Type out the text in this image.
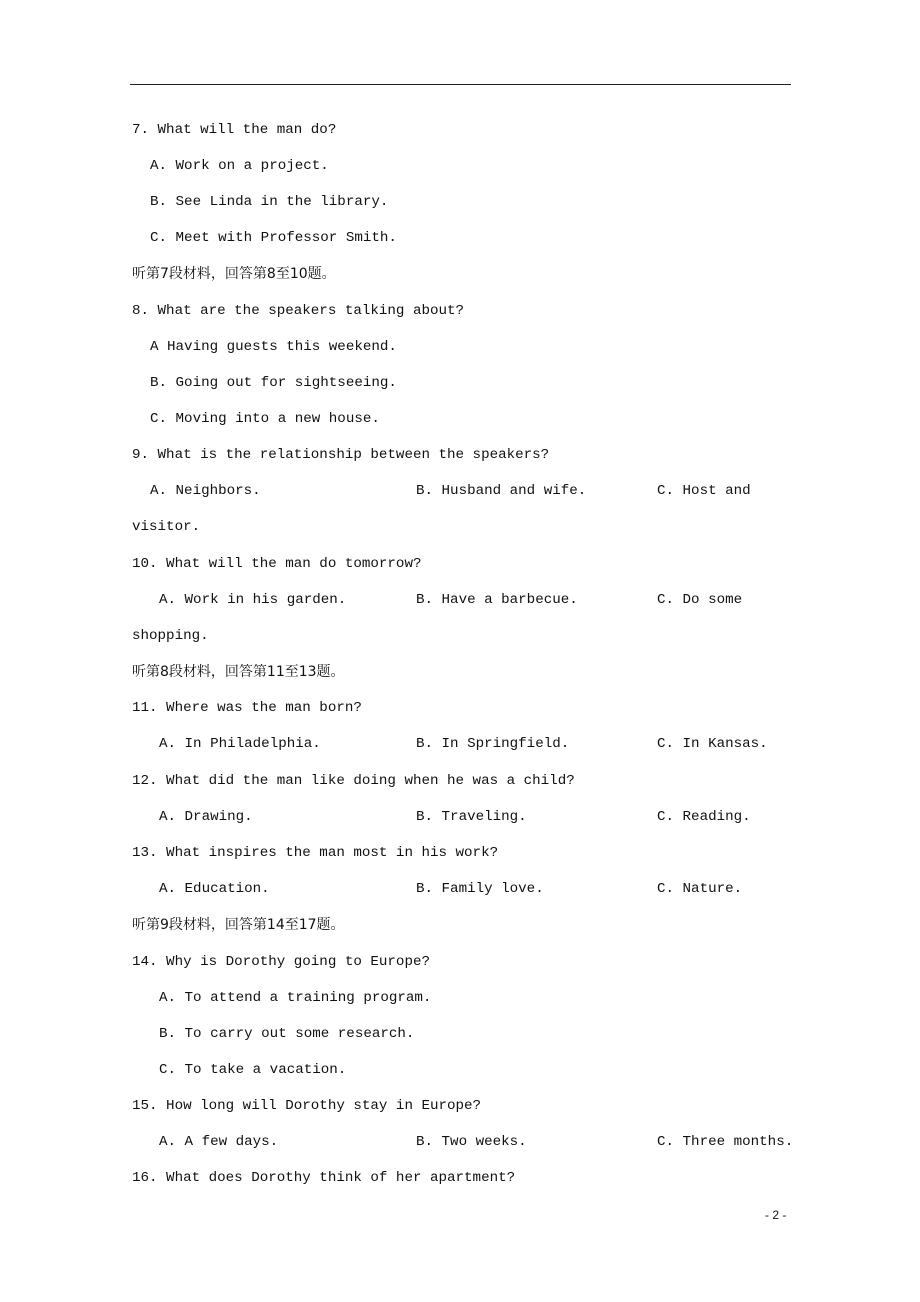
7. What will the man do?
A. Work on a project.
B. See Linda in the library.
C. Meet with Professor Smith.
听第7段材料，回答第8至10题。
8. What are the speakers talking about?
A Having guests this weekend.
B. Going out for sightseeing.
C. Moving into a new house.
9. What is the relationship between the speakers?
A. Neighbors.	B. Husband and wife.	C. Host and
visitor.
10. What will the man do tomorrow?
A. Work in his garden.	B. Have a barbecue.	C. Do some
shopping.
听第8段材料，回答第11至13题。
11. Where was the man born?
A. In Philadelphia.	B. In Springfield.	C. In Kansas.
12. What did the man like doing when he was a child?
A. Drawing.	B. Traveling.	C. Reading.
13. What inspires the man most in his work?
A. Education.	B. Family love.	C. Nature.
听第9段材料，回答第14至17题。
14. Why is Dorothy going to Europe?
A. To attend a training program.
B. To carry out some research.
C. To take a vacation.
15. How long will Dorothy stay in Europe?
A. A few days.	B. Two weeks.	C. Three months.
16. What does Dorothy think of her apartment?
- 2 -
